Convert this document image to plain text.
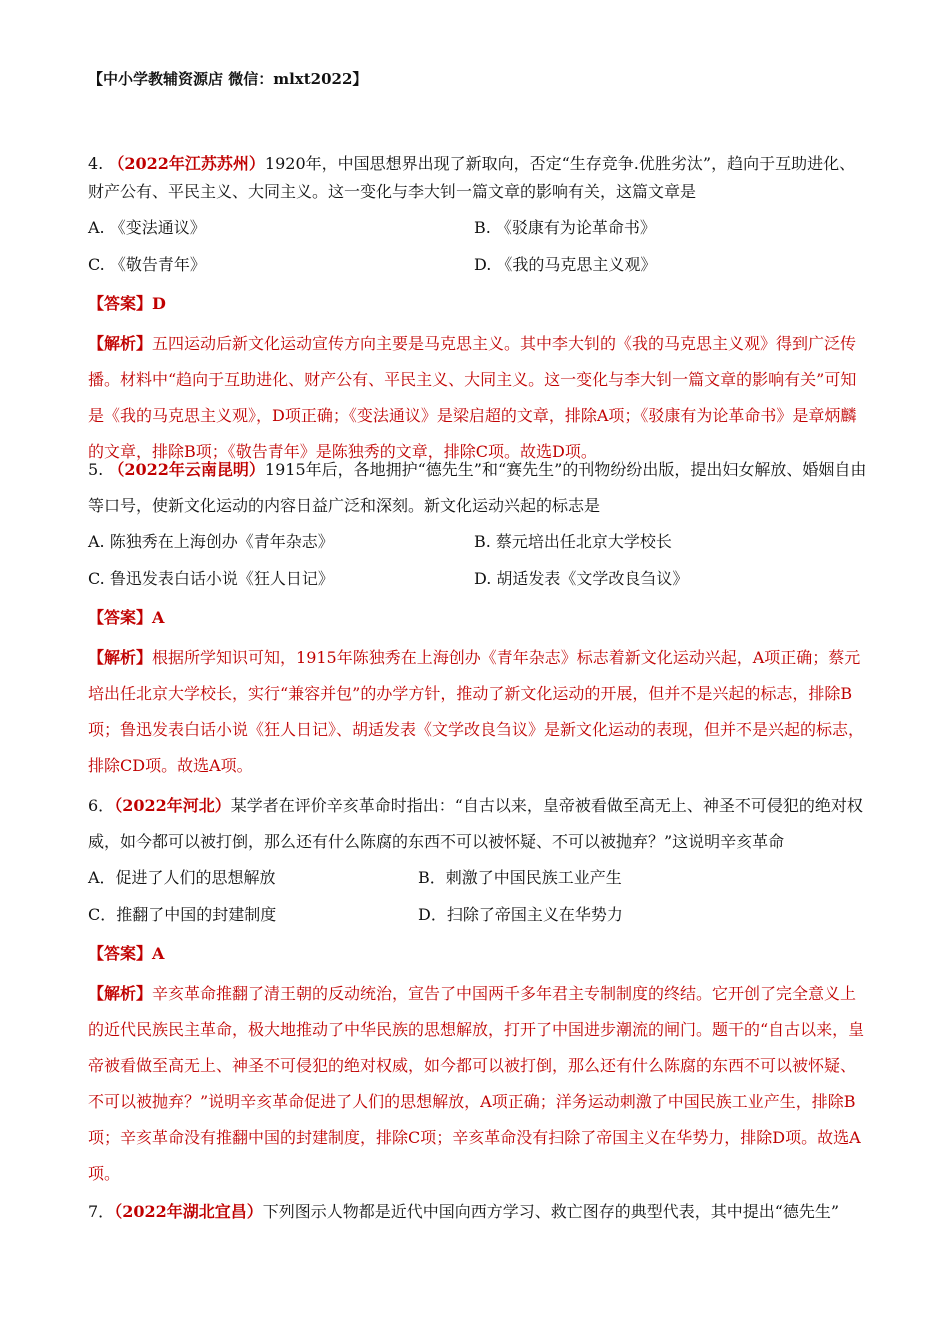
【中小学教辅资源店 微信：mlxt2022】

4. （2022年江苏苏州）1920年，中国思想界出现了新取向，否定“生存竞争.优胜劣汰”，趋向于互助进化、财产公有、平民主义、大同主义。这一变化与李大钊一篇文章的影响有关，这篇文章是

A. 《变法通议》	B. 《驳康有为论革命书》
C. 《敬告青年》	D. 《我的马克思主义观》

【答案】D

【解析】五四运动后新文化运动宣传方向主要是马克思主义。其中李大钊的《我的马克思主义观》得到广泛传播。材料中“趋向于互助进化、财产公有、平民主义、大同主义。这一变化与李大钊一篇文章的影响有关”可知是《我的马克思主义观》，D项正确；《变法通议》是梁启超的文章，排除A项；《驳康有为论革命书》是章炳麟的文章，排除B项；《敬告青年》是陈独秀的文章，排除C项。故选D项。

5. （2022年云南昆明）1915年后，各地拥护“德先生”和“赛先生”的刊物纷纷出版，提出妇女解放、婚姻自由等口号，使新文化运动的内容日益广泛和深刻。新文化运动兴起的标志是

A. 陈独秀在上海创办《青年杂志》	B. 蔡元培出任北京大学校长
C. 鲁迅发表白话小说《狂人日记》	D. 胡适发表《文学改良刍议》

【答案】A

【解析】根据所学知识可知，1915年陈独秀在上海创办《青年杂志》标志着新文化运动兴起，A项正确；蔡元培出任北京大学校长，实行“兼容并包”的办学方针，推动了新文化运动的开展，但并不是兴起的标志，排除B项；鲁迅发表白话小说《狂人日记》、胡适发表《文学改良刍议》是新文化运动的表现，但并不是兴起的标志，排除CD项。故选A项。

6．（2022年河北）某学者在评价辛亥革命时指出：“自古以来，皇帝被看做至高无上、神圣不可侵犯的绝对权威，如今都可以被打倒，那么还有什么陈腐的东西不可以被怀疑、不可以被抛弃？”这说明辛亥革命

A．促进了人们的思想解放	B．刺激了中国民族工业产生
C．推翻了中国的封建制度	D．扫除了帝国主义在华势力

【答案】A

【解析】辛亥革命推翻了清王朝的反动统治，宣告了中国两千多年君主专制制度的终结。它开创了完全意义上的近代民族民主革命，极大地推动了中华民族的思想解放，打开了中国进步潮流的闸门。题干的“自古以来，皇帝被看做至高无上、神圣不可侵犯的绝对权威，如今都可以被打倒，那么还有什么陈腐的东西不可以被怀疑、不可以被抛弃？”说明辛亥革命促进了人们的思想解放，A项正确；洋务运动刺激了中国民族工业产生，排除B项；辛亥革命没有推翻中国的封建制度，排除C项；辛亥革命没有扫除了帝国主义在华势力，排除D项。故选A项。

7．（2022年湖北宜昌）下列图示人物都是近代中国向西方学习、救亡图存的典型代表，其中提出“德先生”
